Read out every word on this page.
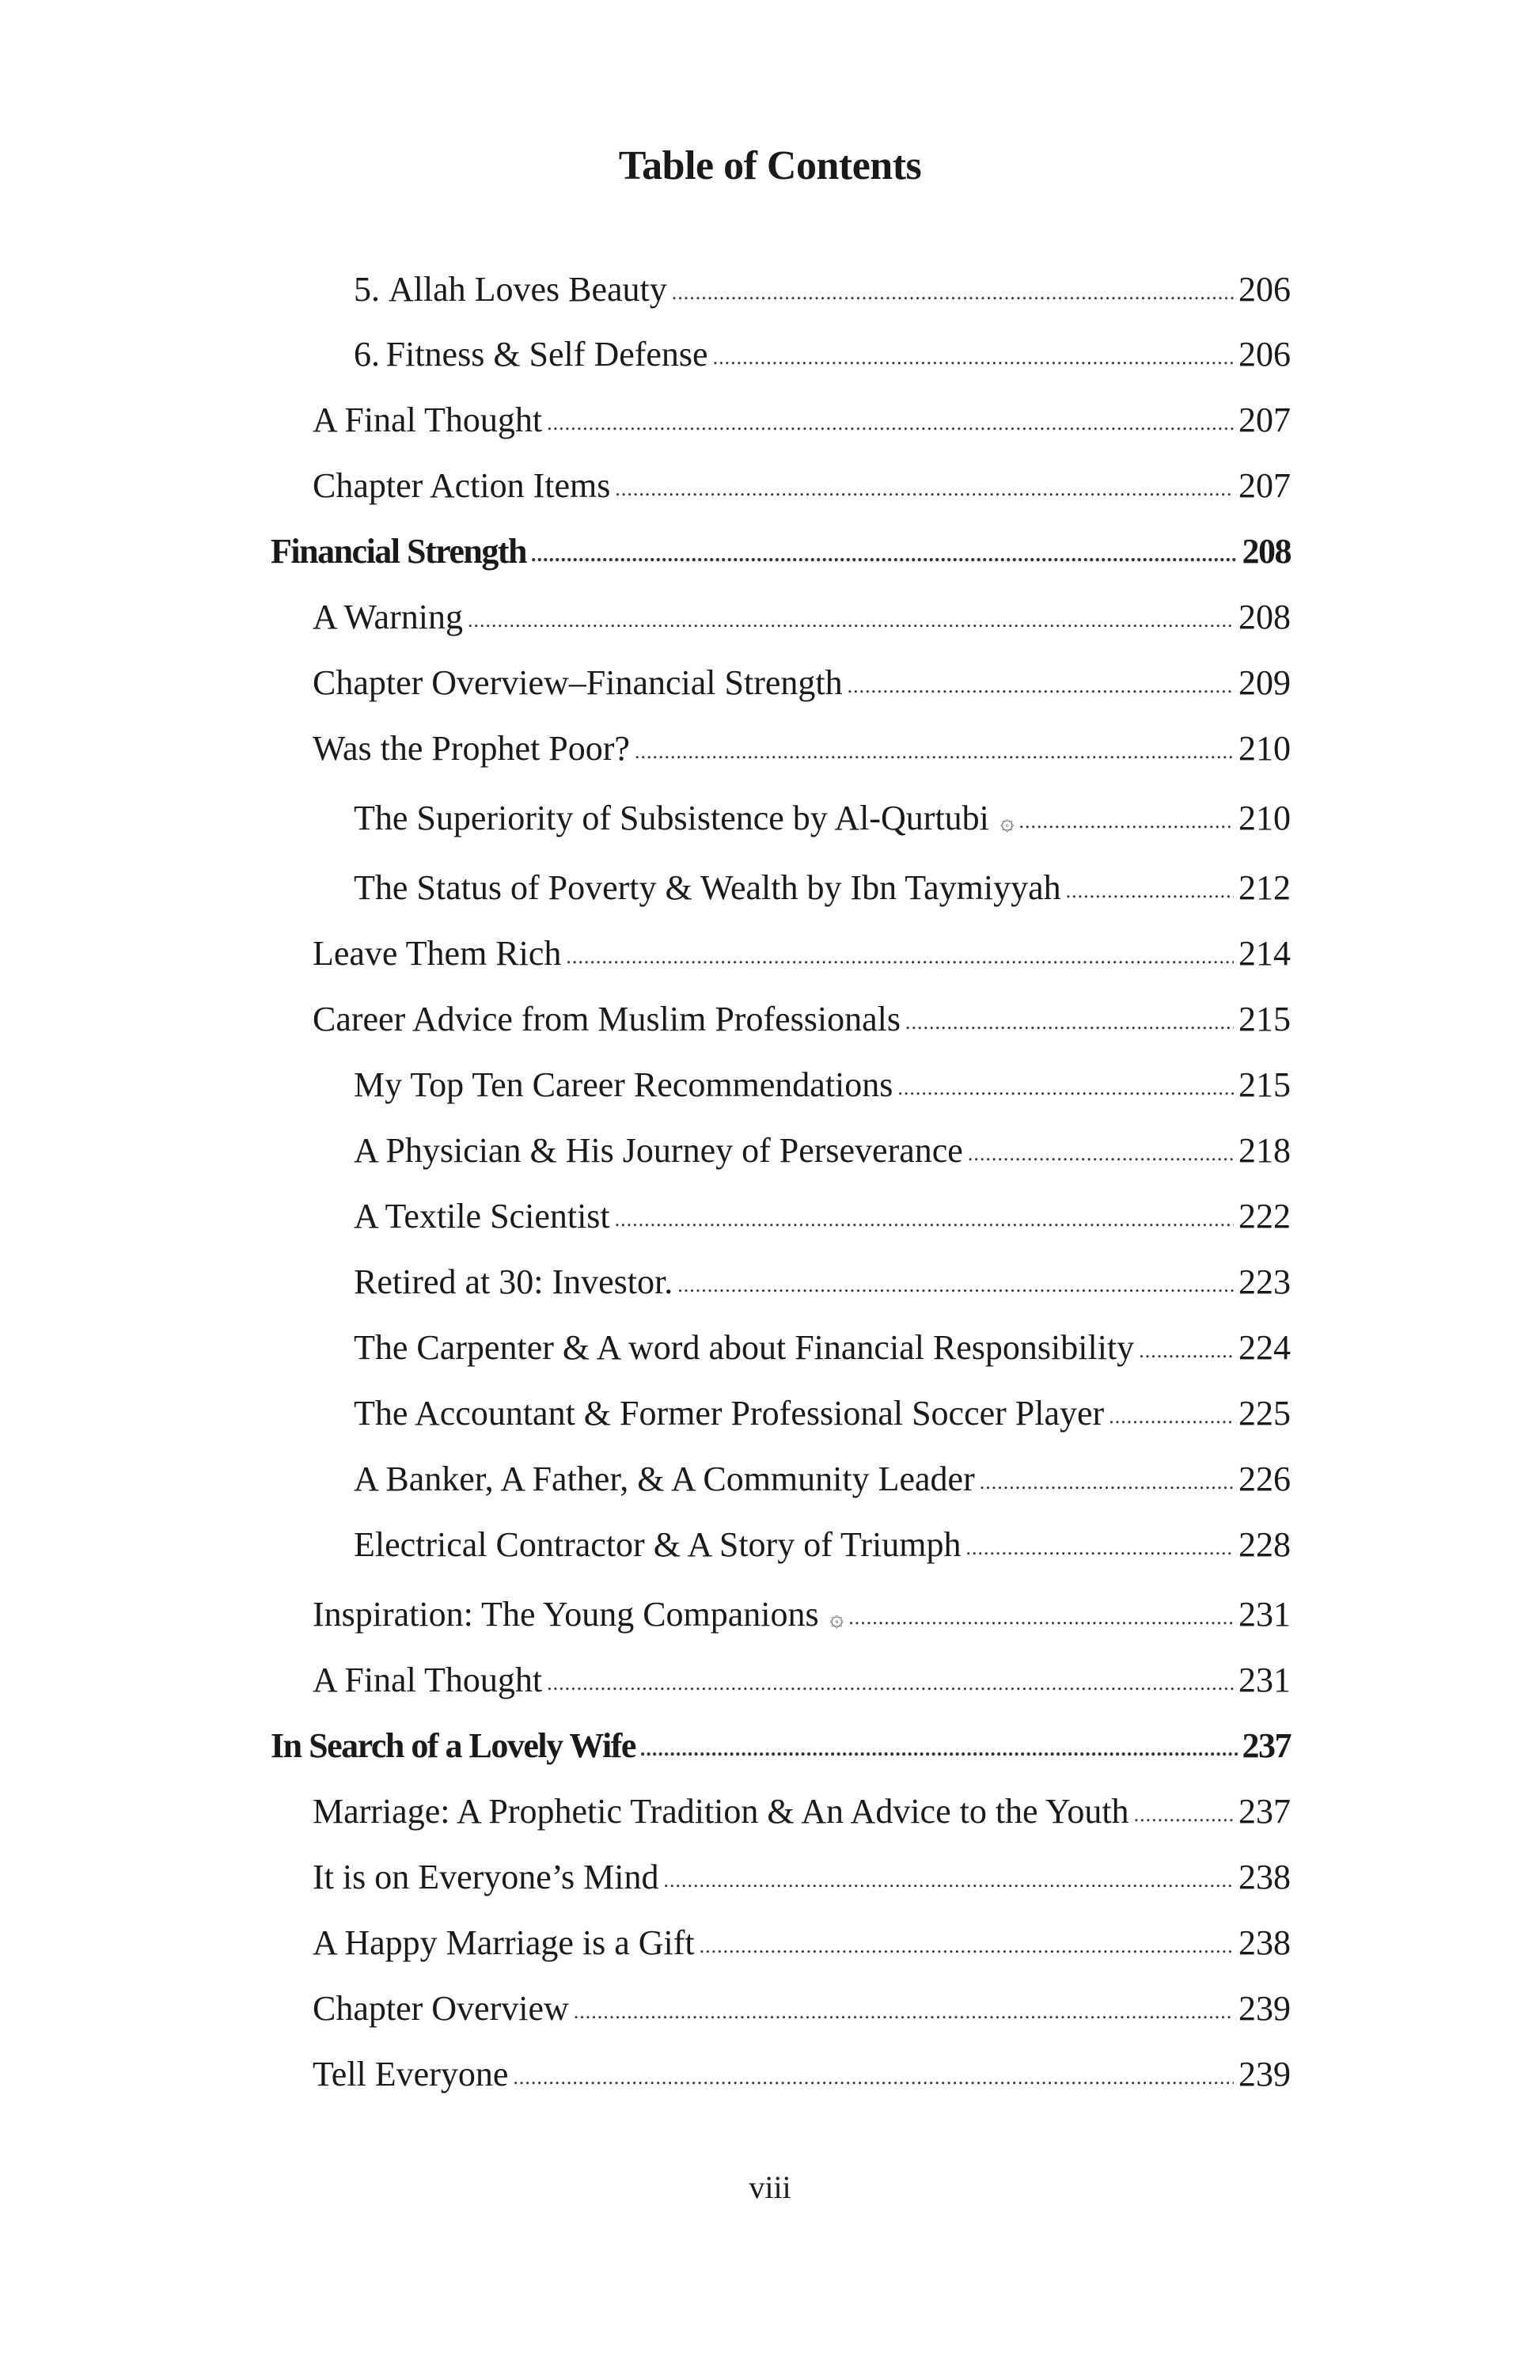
Table of Contents
5. Allah Loves Beauty .....	206
6. Fitness & Self Defense .....	206
A Final Thought .....	207
Chapter Action Items .....	207
Financial Strength .....	208
A Warning .....	208
Chapter Overview–Financial Strength .....	209
Was the Prophet Poor? .....	210
The Superiority of Subsistence by Al-Qurtubi ۞ .....	210
The Status of Poverty & Wealth by Ibn Taymiyyah .....	212
Leave Them Rich .....	214
Career Advice from Muslim Professionals .....	215
My Top Ten Career Recommendations .....	215
A Physician & His Journey of Perseverance .....	218
A Textile Scientist .....	222
Retired at 30: Investor. .....	223
The Carpenter & A word about Financial Responsibility .....	224
The Accountant & Former Professional Soccer Player .....	225
A Banker, A Father, & A Community Leader .....	226
Electrical Contractor & A Story of Triumph .....	228
Inspiration: The Young Companions ۞ .....	231
A Final Thought .....	231
In Search of a Lovely Wife .....	237
Marriage: A Prophetic Tradition & An Advice to the Youth .....	237
It is on Everyone’s Mind .....	238
A Happy Marriage is a Gift .....	238
Chapter Overview .....	239
Tell Everyone .....	239
viii
